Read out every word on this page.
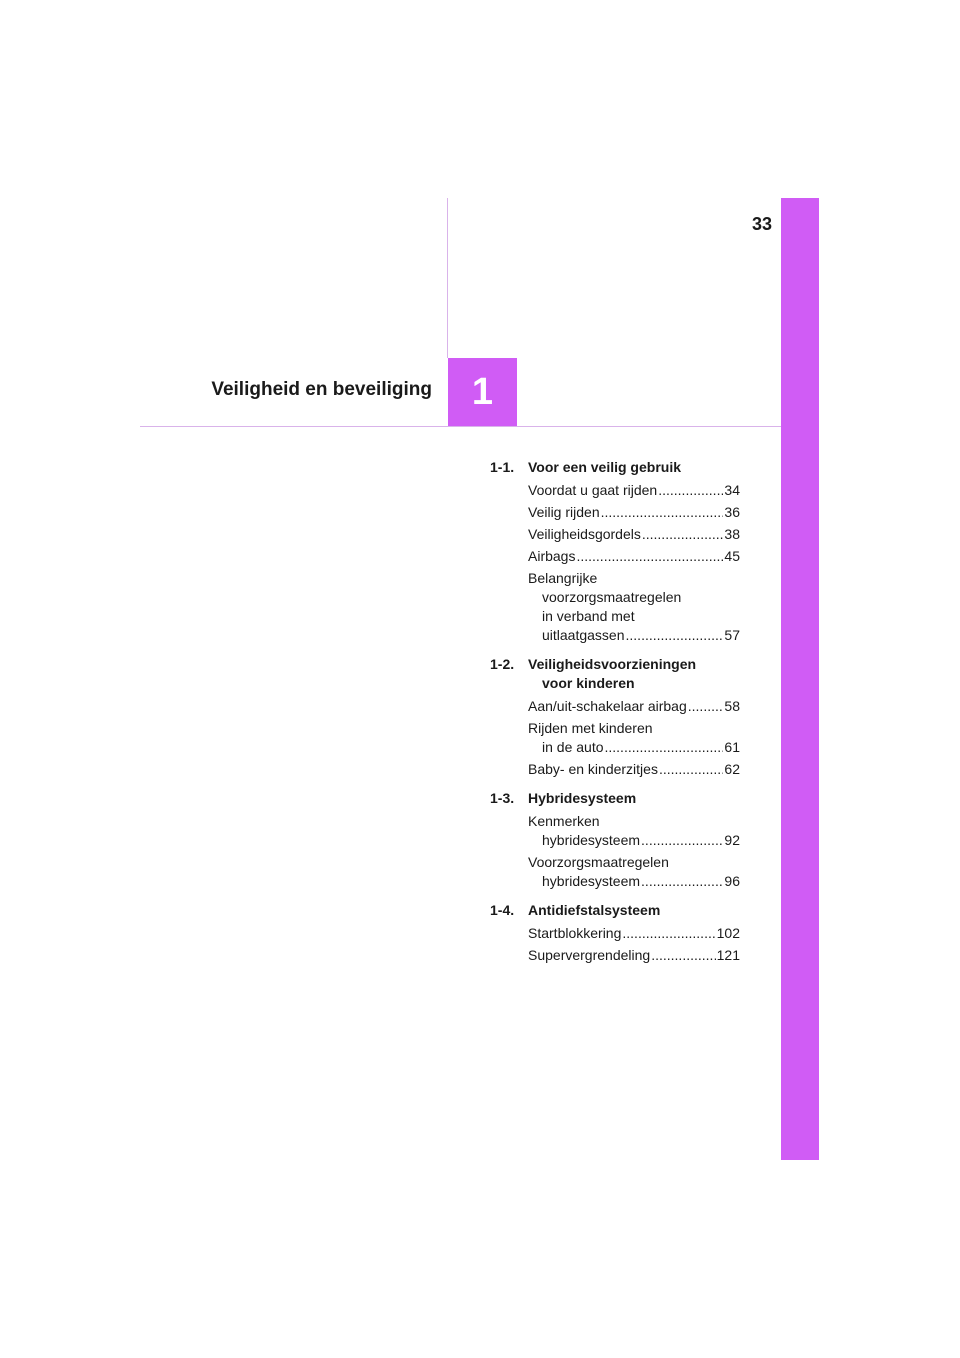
33
1
Veiligheid en beveiliging
1-1. Voor een veilig gebruik
Voordat u gaat rijden .....	34
Veilig rijden .....	36
Veiligheidsgordels .....	38
Airbags .....	45
Belangrijke
voorzorgsmaatregelen
in verband met
uitlaatgassen .....	57
1-2. Veiligheidsvoorzieningen
voor kinderen
Aan/uit-schakelaar airbag .....	58
Rijden met kinderen
in de auto .....	61
Baby- en kinderzitjes .....	62
1-3. Hybridesysteem
Kenmerken
hybridesysteem .....	92
Voorzorgsmaatregelen
hybridesysteem .....	96
1-4. Antidiefstalsysteem
Startblokkering .....	102
Supervergrendeling .....	121
